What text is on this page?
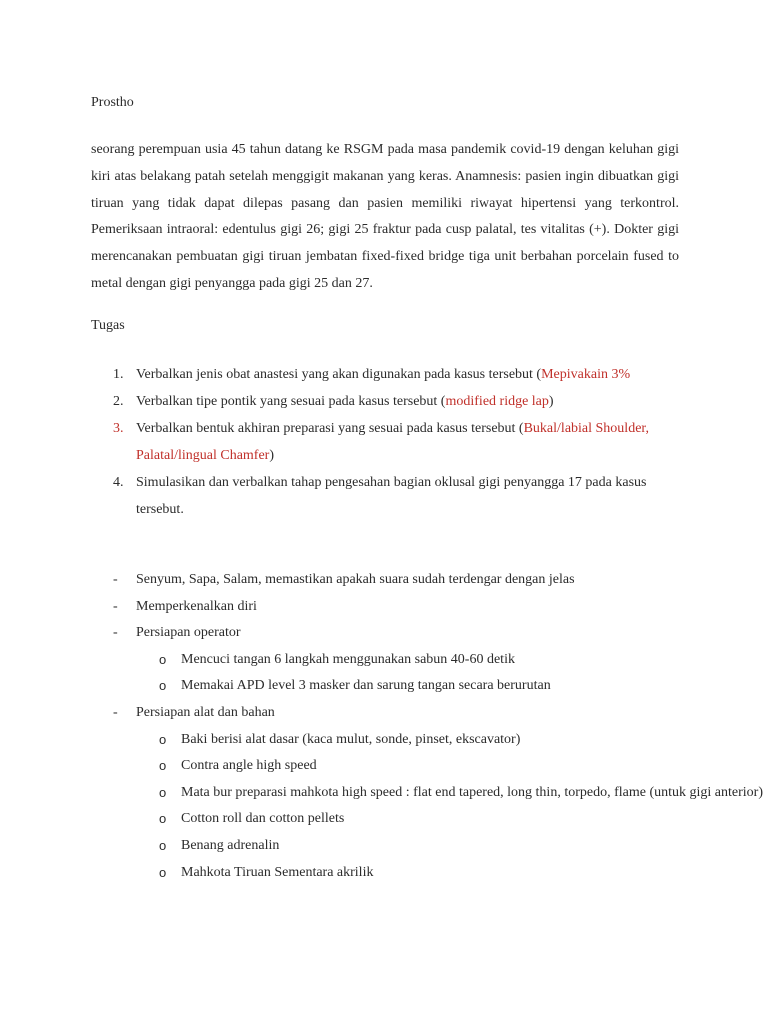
Prostho

seorang perempuan usia 45 tahun datang ke RSGM pada masa pandemik covid-19 dengan keluhan gigi kiri atas belakang patah setelah menggigit makanan yang keras. Anamnesis: pasien ingin dibuatkan gigi tiruan yang tidak dapat dilepas pasang dan pasien memiliki riwayat hipertensi yang terkontrol. Pemeriksaan intraoral: edentulus gigi 26; gigi 25 fraktur pada cusp palatal, tes vitalitas (+). Dokter gigi merencanakan pembuatan gigi tiruan jembatan fixed-fixed bridge tiga unit berbahan porcelain fused to metal dengan gigi penyangga pada gigi 25 dan 27.

Tugas
1. Verbalkan jenis obat anastesi yang akan digunakan pada kasus tersebut (Mepivakain 3%
2. Verbalkan tipe pontik yang sesuai pada kasus tersebut (modified ridge lap)
3. Verbalkan bentuk akhiran preparasi yang sesuai pada kasus tersebut (Bukal/labial Shoulder, Palatal/lingual Chamfer)
4. Simulasikan dan verbalkan tahap pengesahan bagian oklusal gigi penyangga 17 pada kasus tersebut.
- Senyum, Sapa, Salam, memastikan apakah suara sudah terdengar dengan jelas
- Memperkenalkan diri
- Persiapan operator
o Mencuci tangan 6 langkah menggunakan sabun 40-60 detik
o Memakai APD level 3 masker dan sarung tangan secara berurutan
- Persiapan alat dan bahan
o Baki berisi alat dasar (kaca mulut, sonde, pinset, ekscavator)
o Contra angle high speed
o Mata bur preparasi mahkota high speed : flat end tapered, long thin, torpedo, flame (untuk gigi anterior)
o Cotton roll dan cotton pellets
o Benang adrenalin
o Mahkota Tiruan Sementara akrilik
